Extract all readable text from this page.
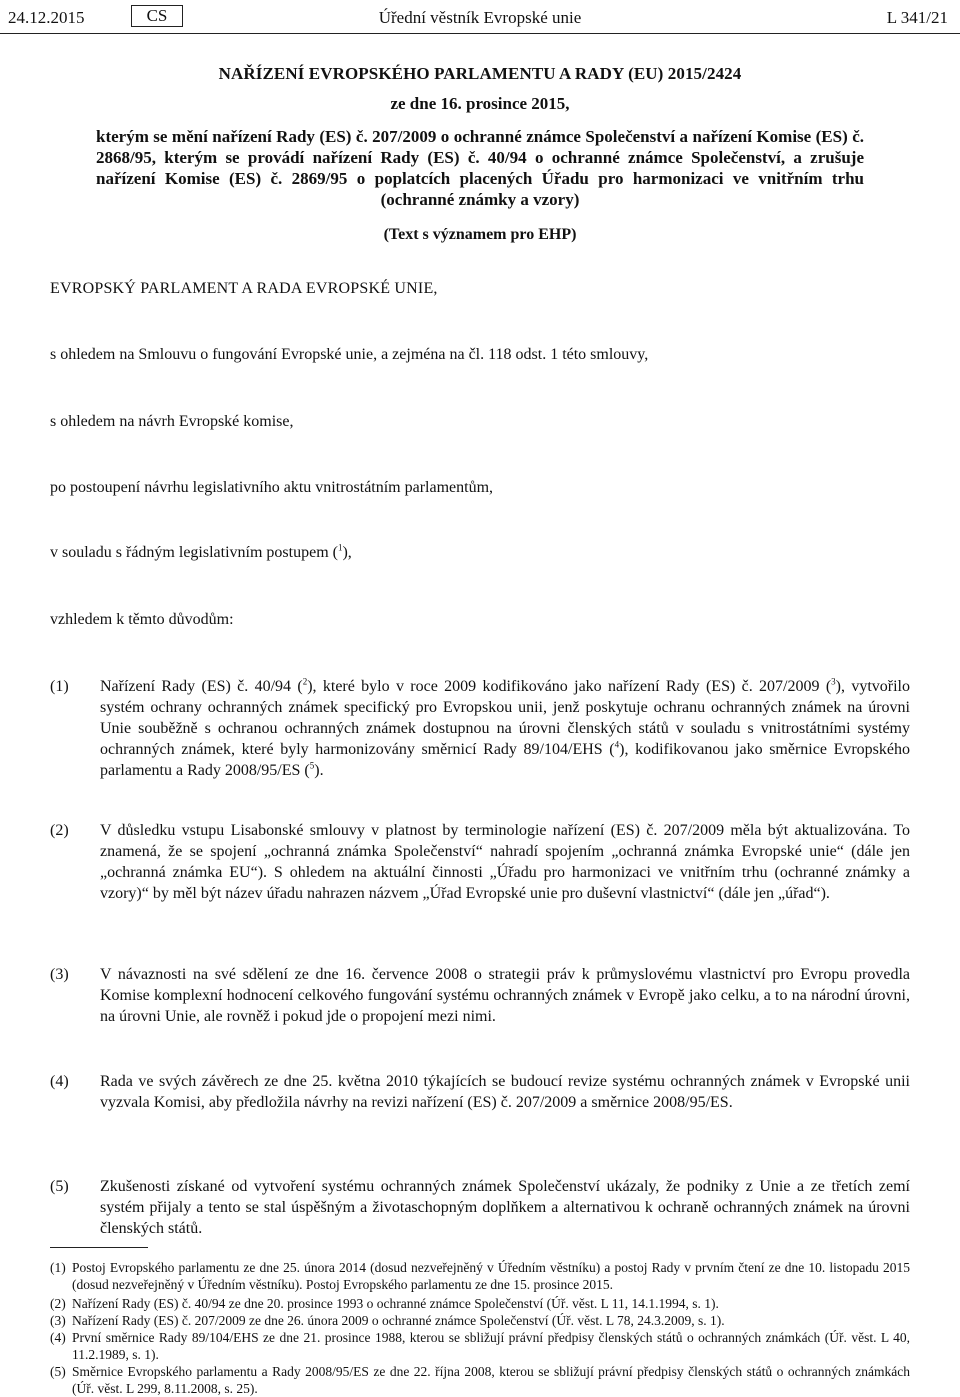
24.12.2015	CS	Úřední věstník Evropské unie	L 341/21
NAŘÍZENÍ EVROPSKÉHO PARLAMENTU A RADY (EU) 2015/2424
ze dne 16. prosince 2015,
kterým se mění nařízení Rady (ES) č. 207/2009 o ochranné známce Společenství a nařízení Komise (ES) č. 2868/95, kterým se provádí nařízení Rady (ES) č. 40/94 o ochranné známce Společenství, a zrušuje nařízení Komise (ES) č. 2869/95 o poplatcích placených Úřadu pro harmonizaci ve vnitřním trhu (ochranné známky a vzory)
(Text s významem pro EHP)
EVROPSKÝ PARLAMENT A RADA EVROPSKÉ UNIE,
s ohledem na Smlouvu o fungování Evropské unie, a zejména na čl. 118 odst. 1 této smlouvy,
s ohledem na návrh Evropské komise,
po postoupení návrhu legislativního aktu vnitrostátním parlamentům,
v souladu s řádným legislativním postupem ($^1$),
vzhledem k těmto důvodům:
(1) Nařízení Rady (ES) č. 40/94 ($^2$), které bylo v roce 2009 kodifikováno jako nařízení Rady (ES) č. 207/2009 ($^3$), vytvořilo systém ochrany ochranných známek specifický pro Evropskou unii, jenž poskytuje ochranu ochranných známek na úrovni Unie souběžně s ochranou ochranných známek dostupnou na úrovni členských států v souladu s vnitrostátními systémy ochranných známek, které byly harmonizovány směrnicí Rady 89/104/EHS ($^4$), kodifikovanou jako směrnice Evropského parlamentu a Rady 2008/95/ES ($^5$).
(2) V důsledku vstupu Lisabonské smlouvy v platnost by terminologie nařízení (ES) č. 207/2009 měla být aktualizována. To znamená, že se spojení „ochranná známka Společenství“ nahradí spojením „ochranná známka Evropské unie“ (dále jen „ochranná známka EU“). S ohledem na aktuální činnosti „Úřadu pro harmonizaci ve vnitřním trhu (ochranné známky a vzory)“ by měl být název úřadu nahrazen názvem „Úřad Evropské unie pro duševní vlastnictví“ (dále jen „úřad“).
(3) V návaznosti na své sdělení ze dne 16. července 2008 o strategii práv k průmyslovému vlastnictví pro Evropu provedla Komise komplexní hodnocení celkového fungování systému ochranných známek v Evropě jako celku, a to na národní úrovni, na úrovni Unie, ale rovněž i pokud jde o propojení mezi nimi.
(4) Rada ve svých závěrech ze dne 25. května 2010 týkajících se budoucí revize systému ochranných známek v Evropské unii vyzvala Komisi, aby předložila návrhy na revizi nařízení (ES) č. 207/2009 a směrnice 2008/95/ES.
(5) Zkušenosti získané od vytvoření systému ochranných známek Společenství ukázaly, že podniky z Unie a ze třetích zemí systém přijaly a tento se stal úspěšným a životaschopným doplňkem a alternativou k ochraně ochranných známek na úrovni členských států.
(1) Postoj Evropského parlamentu ze dne 25. února 2014 (dosud nezveřejněný v Úředním věstníku) a postoj Rady v prvním čtení ze dne 10. listopadu 2015 (dosud nezveřejněný v Úředním věstníku). Postoj Evropského parlamentu ze dne 15. prosince 2015.
(2) Nařízení Rady (ES) č. 40/94 ze dne 20. prosince 1993 o ochranné známce Společenství (Úř. věst. L 11, 14.1.1994, s. 1).
(3) Nařízení Rady (ES) č. 207/2009 ze dne 26. února 2009 o ochranné známce Společenství (Úř. věst. L 78, 24.3.2009, s. 1).
(4) První směrnice Rady 89/104/EHS ze dne 21. prosince 1988, kterou se sbližují právní předpisy členských států o ochranných známkách (Úř. věst. L 40, 11.2.1989, s. 1).
(5) Směrnice Evropského parlamentu a Rady 2008/95/ES ze dne 22. října 2008, kterou se sbližují právní předpisy členských států o ochranných známkách (Úř. věst. L 299, 8.11.2008, s. 25).
